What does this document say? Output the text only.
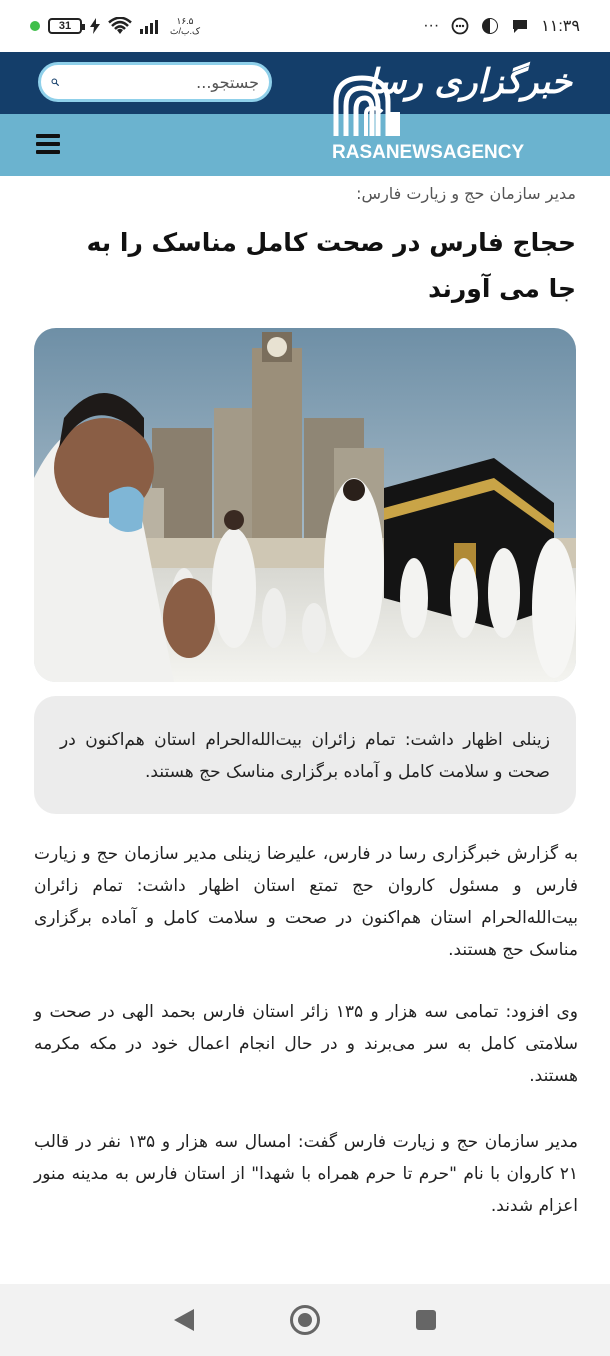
31	۱۶.۵
ک.ب/ث	···	۱۱:۳۹
جستجو...
خبرگزاری رسا
RASANEWSAGENCY
مدیر سازمان حج و زیارت فارس:
حجاج فارس در صحت کامل مناسک را به جا می آورند
زینلی اظهار داشت: تمام زائران بیت‌الله‌الحرام استان هم‌اکنون در صحت و سلامت کامل و آماده برگزاری مناسک حج هستند.

به گزارش خبرگزاری رسا در فارس، علیرضا زینلی مدیر سازمان حج و زیارت فارس و مسئول کاروان حج تمتع استان اظهار داشت: تمام زائران بیت‌الله‌الحرام استان هم‌اکنون در صحت و سلامت کامل و آماده برگزاری مناسک حج هستند.

وی افزود: تمامی سه هزار و ۱۳۵ زائر استان فارس بحمد الهی در صحت و سلامتی کامل به سر می‌برند و در حال انجام اعمال خود در مکه مکرمه هستند.

مدیر سازمان حج و زیارت فارس گفت: امسال سه هزار و ۱۳۵ نفر در قالب ۲۱ کاروان با نام "حرم تا حرم همراه با شهدا" از استان فارس به مدینه منور اعزام شدند.
